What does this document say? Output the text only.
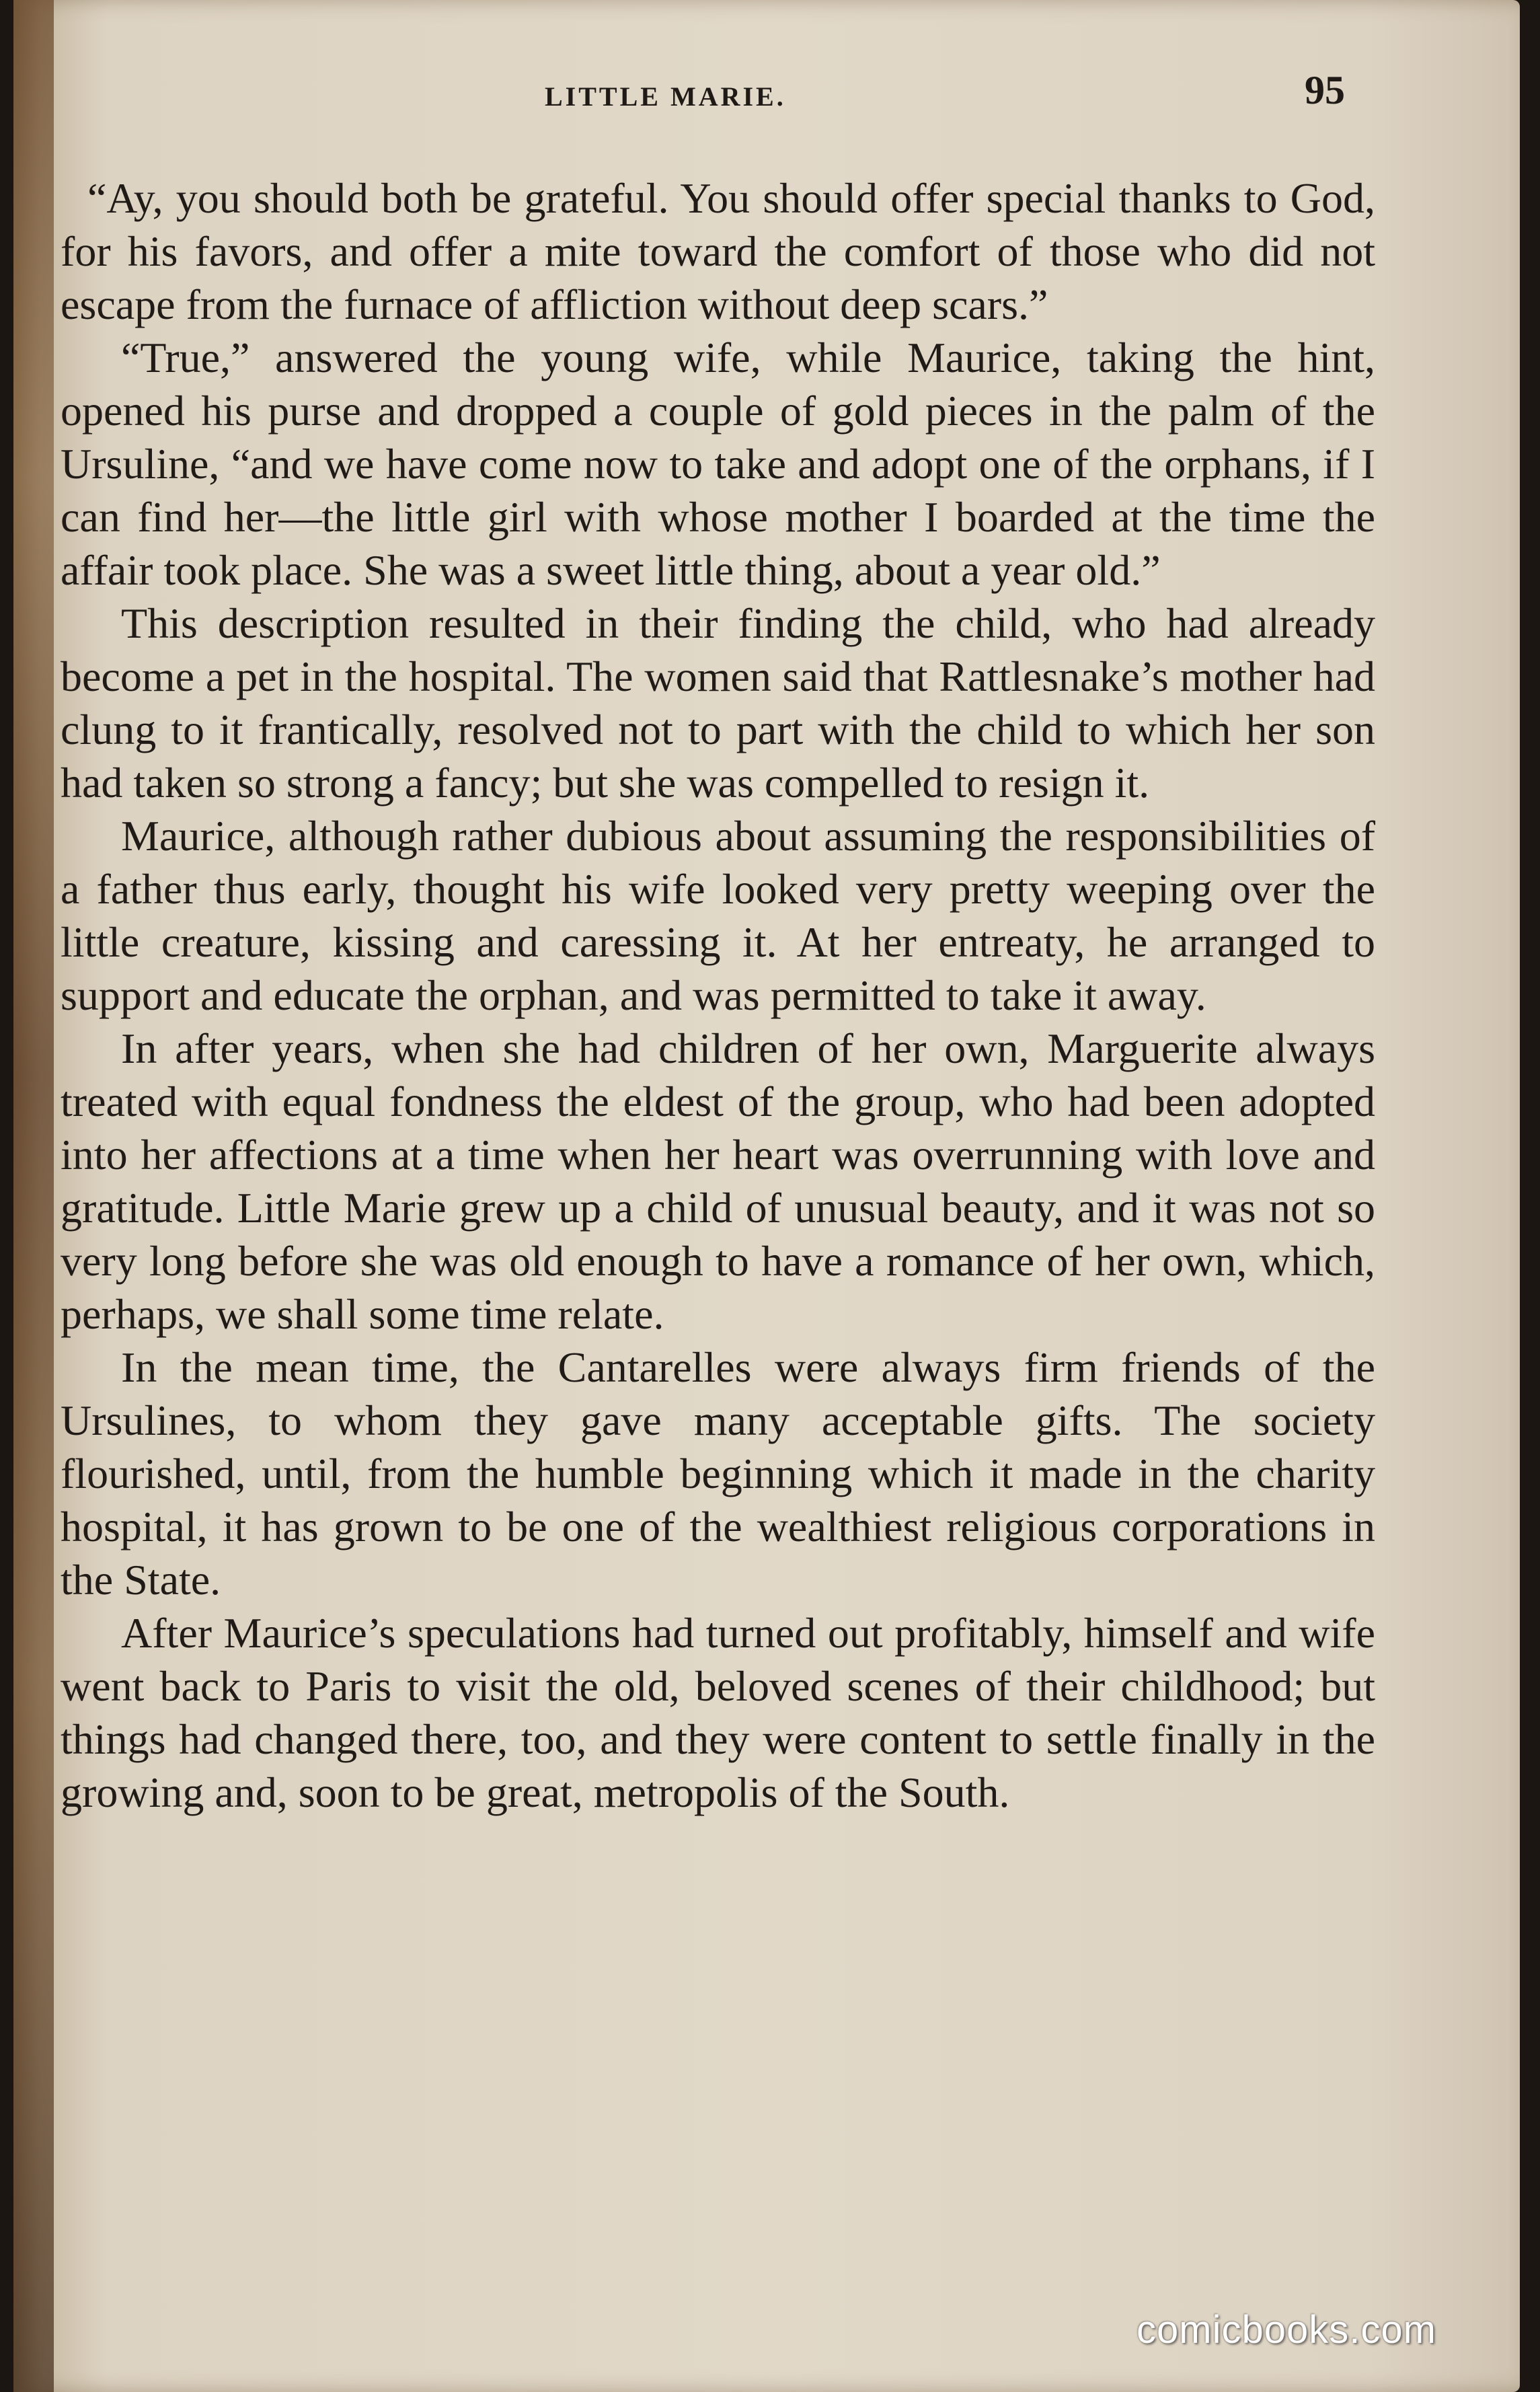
LITTLE MARIE.	95

“Ay, you should both be grateful. You should offer special thanks to God, for his favors, and offer a mite toward the comfort of those who did not escape from the furnace of affliction without deep scars.”

“True,” answered the young wife, while Maurice, taking the hint, opened his purse and dropped a couple of gold pieces in the palm of the Ursuline, “and we have come now to take and adopt one of the orphans, if I can find her—the little girl with whose mother I boarded at the time the affair took place. She was a sweet little thing, about a year old.”

This description resulted in their finding the child, who had already become a pet in the hospital. The women said that Rattlesnake’s mother had clung to it frantically, resolved not to part with the child to which her son had taken so strong a fancy; but she was compelled to resign it.

Maurice, although rather dubious about assuming the responsibilities of a father thus early, thought his wife looked very pretty weeping over the little creature, kissing and caressing it. At her entreaty, he arranged to support and educate the orphan, and was permitted to take it away.

In after years, when she had children of her own, Marguerite always treated with equal fondness the eldest of the group, who had been adopted into her affections at a time when her heart was overrunning with love and gratitude. Little Marie grew up a child of unusual beauty, and it was not so very long before she was old enough to have a romance of her own, which, perhaps, we shall some time relate.

In the mean time, the Cantarelles were always firm friends of the Ursulines, to whom they gave many acceptable gifts. The society flourished, until, from the humble beginning which it made in the charity hospital, it has grown to be one of the wealthiest religious corporations in the State.

After Maurice’s speculations had turned out profitably, himself and wife went back to Paris to visit the old, beloved scenes of their childhood; but things had changed there, too, and they were content to settle finally in the growing and, soon to be great, metropolis of the South.

comicbooks.com
